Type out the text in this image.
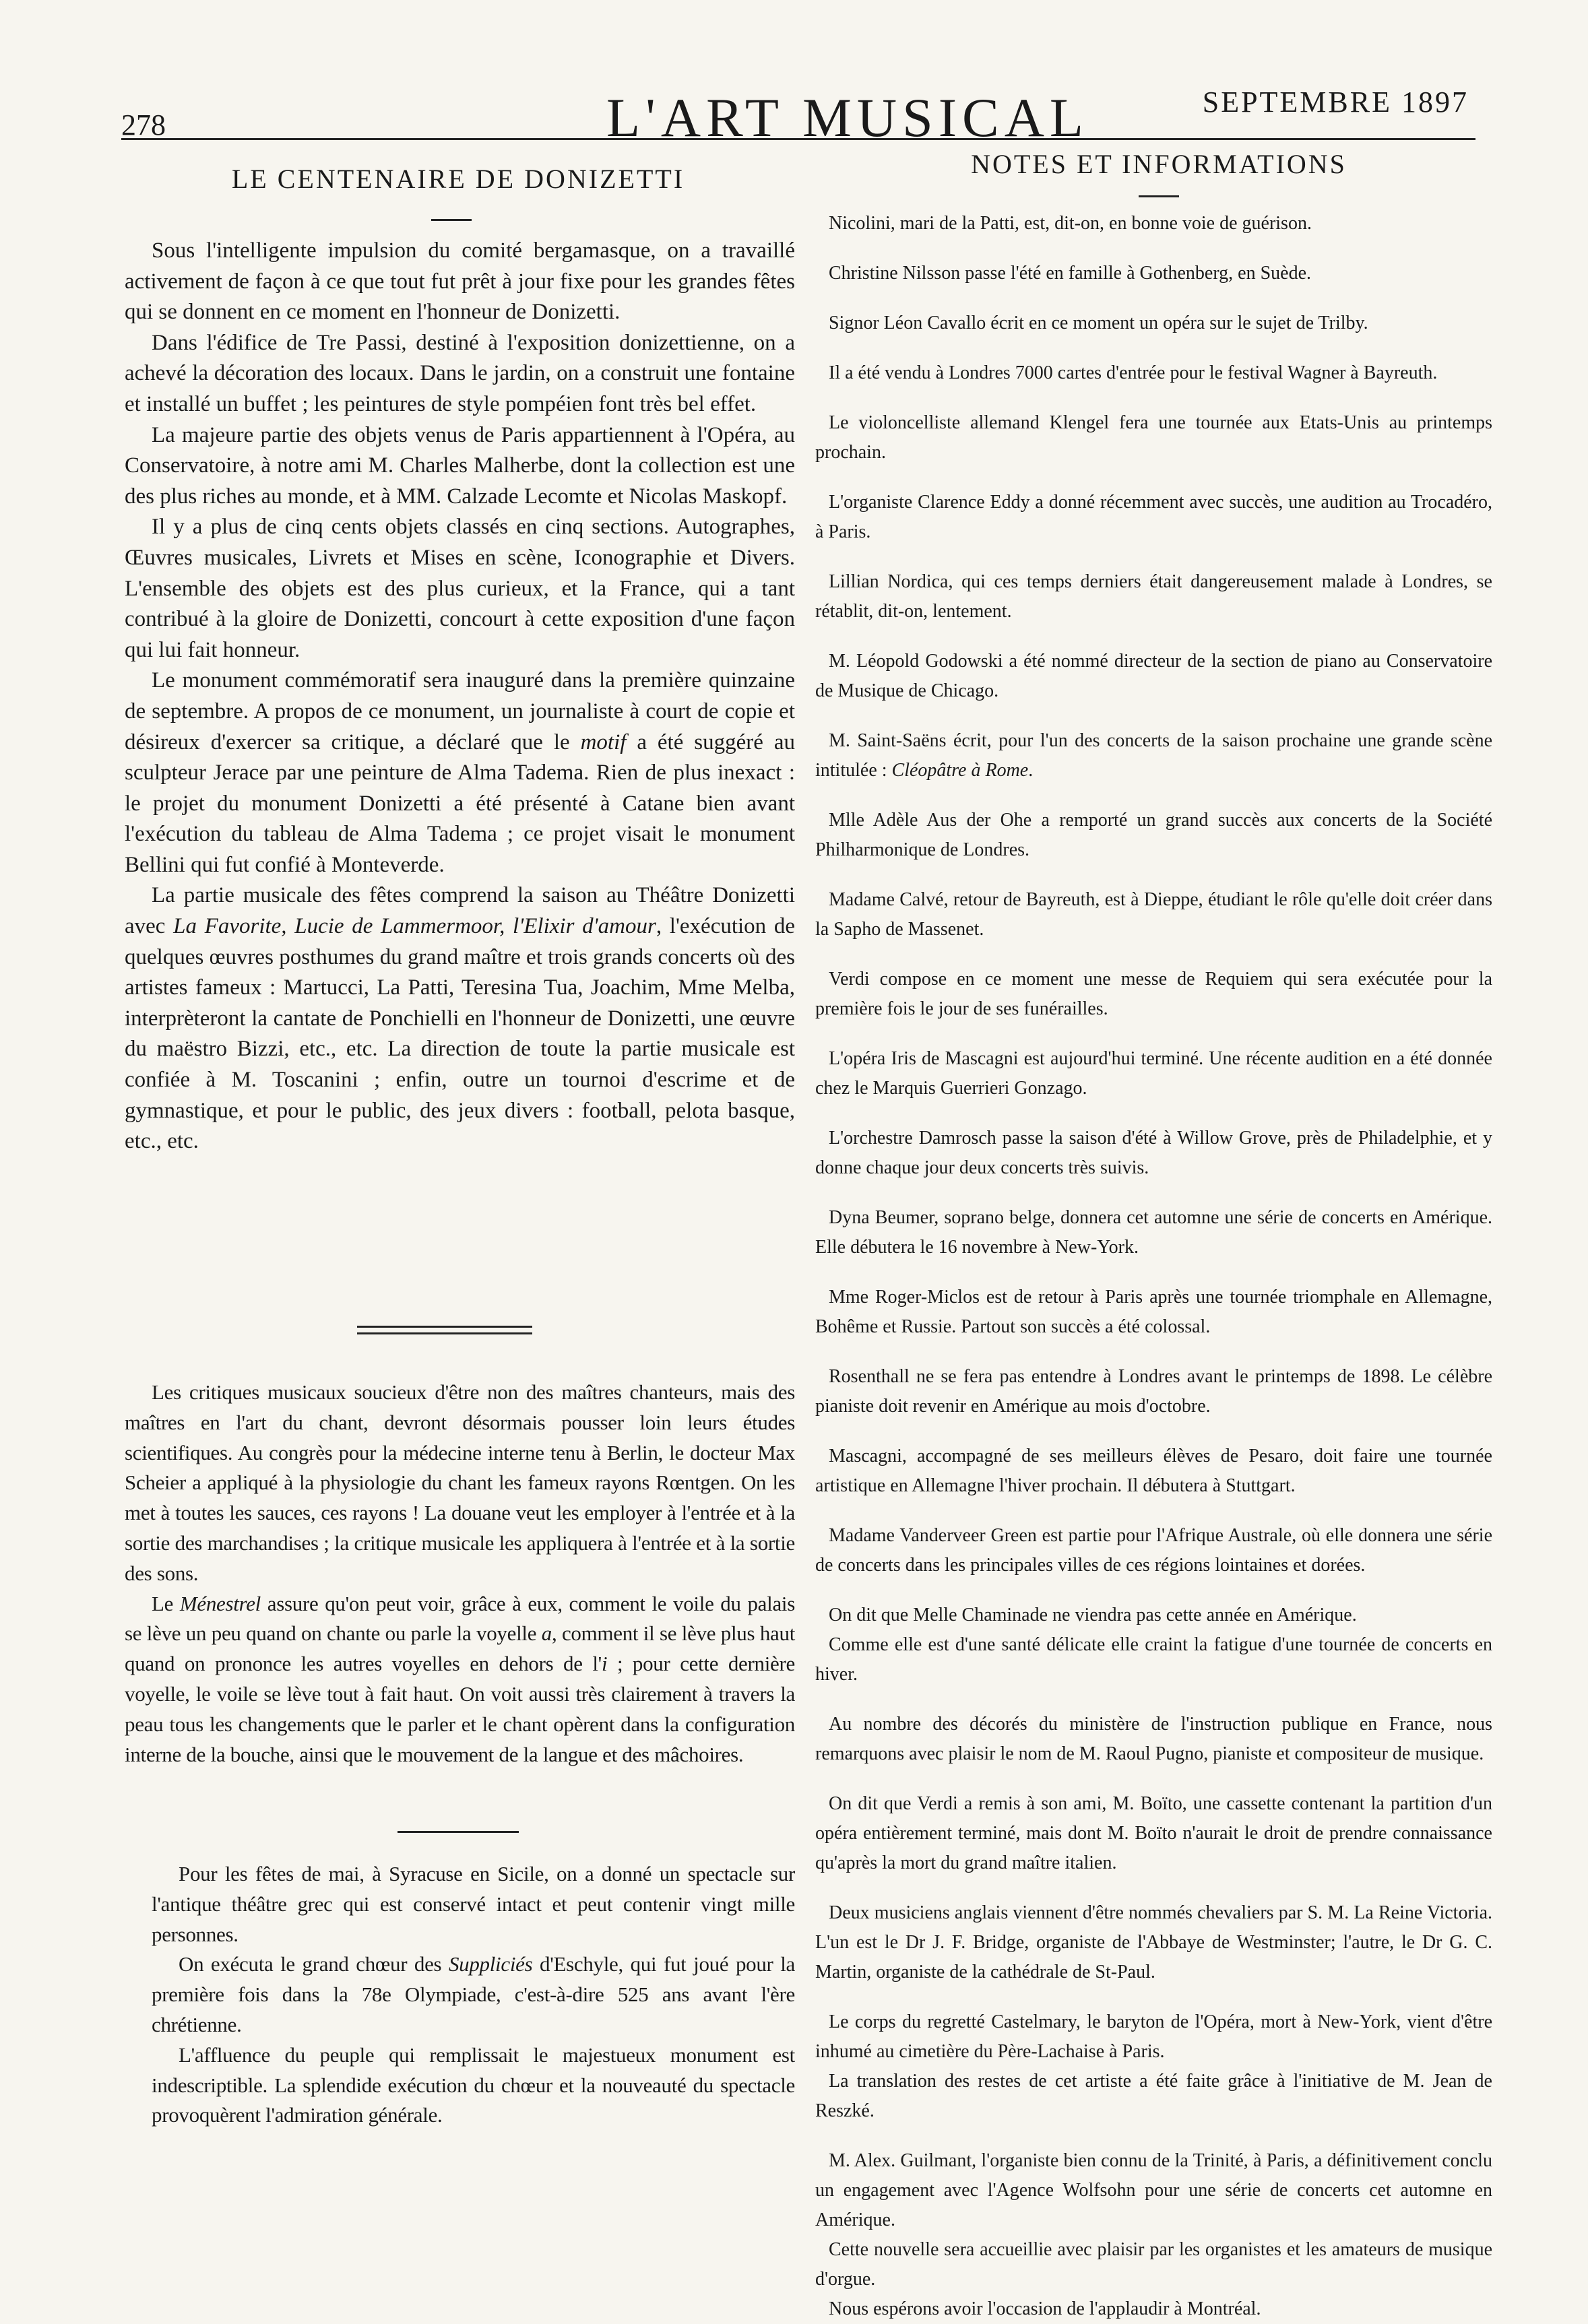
278	L'ART MUSICAL	SEPTEMBRE 1897
LE CENTENAIRE DE DONIZETTI

Sous l'intelligente impulsion du comité bergamasque, on a travaillé activement de façon à ce que tout fut prêt à jour fixe pour les grandes fêtes qui se donnent en ce moment en l'honneur de Donizetti.

Dans l'édifice de Tre Passi, destiné à l'exposition donizettienne, on a achevé la décoration des locaux. Dans le jardin, on a construit une fontaine et installé un buffet ; les peintures de style pompéien font très bel effet.

La majeure partie des objets venus de Paris appartiennent à l'Opéra, au Conservatoire, à notre ami M. Charles Malherbe, dont la collection est une des plus riches au monde, et à MM. Calzade Lecomte et Nicolas Maskopf.

Il y a plus de cinq cents objets classés en cinq sections. Autographes, Œuvres musicales, Livrets et Mises en scène, Iconographie et Divers. L'ensemble des objets est des plus curieux, et la France, qui a tant contribué à la gloire de Donizetti, concourt à cette exposition d'une façon qui lui fait honneur.

Le monument commémoratif sera inauguré dans la première quinzaine de septembre. A propos de ce monument, un journaliste à court de copie et désireux d'exercer sa critique, a déclaré que le motif a été suggéré au sculpteur Jerace par une peinture de Alma Tadema. Rien de plus inexact : le projet du monument Donizetti a été présenté à Catane bien avant l'exécution du tableau de Alma Tadema ; ce projet visait le monument Bellini qui fut confié à Monteverde.

La partie musicale des fêtes comprend la saison au Théâtre Donizetti avec La Favorite, Lucie de Lammermoor, l'Elixir d'amour, l'exécution de quelques œuvres posthumes du grand maître et trois grands concerts où des artistes fameux : Martucci, La Patti, Teresina Tua, Joachim, Mme Melba, interprèteront la cantate de Ponchielli en l'honneur de Donizetti, une œuvre du maëstro Bizzi, etc., etc. La direction de toute la partie musicale est confiée à M. Toscanini ; enfin, outre un tournoi d'escrime et de gymnastique, et pour le public, des jeux divers : football, pelota basque, etc., etc.

Les critiques musicaux soucieux d'être non des maîtres chanteurs, mais des maîtres en l'art du chant, devront désormais pousser loin leurs études scientifiques. Au congrès pour la médecine interne tenu à Berlin, le docteur Max Scheier a appliqué à la physiologie du chant les fameux rayons Rœntgen. On les met à toutes les sauces, ces rayons ! La douane veut les employer à l'entrée et à la sortie des marchandises ; la critique musicale les appliquera à l'entrée et à la sortie des sons.

Le Ménestrel assure qu'on peut voir, grâce à eux, comment le voile du palais se lève un peu quand on chante ou parle la voyelle a, comment il se lève plus haut quand on prononce les autres voyelles en dehors de l'i ; pour cette dernière voyelle, le voile se lève tout à fait haut. On voit aussi très clairement à travers la peau tous les changements que le parler et le chant opèrent dans la configuration interne de la bouche, ainsi que le mouvement de la langue et des mâchoires.

Pour les fêtes de mai, à Syracuse en Sicile, on a donné un spectacle sur l'antique théâtre grec qui est conservé intact et peut contenir vingt mille personnes.

On exécuta le grand chœur des Suppliciés d'Eschyle, qui fut joué pour la première fois dans la 78e Olympiade, c'est-à-dire 525 ans avant l'ère chrétienne.

L'affluence du peuple qui remplissait le majestueux monument est indescriptible. La splendide exécution du chœur et la nouveauté du spectacle provoquèrent l'admiration générale.

NOTES ET INFORMATIONS

Nicolini, mari de la Patti, est, dit-on, en bonne voie de guérison.

Christine Nilsson passe l'été en famille à Gothenberg, en Suède.

Signor Léon Cavallo écrit en ce moment un opéra sur le sujet de Trilby.

Il a été vendu à Londres 7000 cartes d'entrée pour le festival Wagner à Bayreuth.

Le violoncelliste allemand Klengel fera une tournée aux Etats-Unis au printemps prochain.

L'organiste Clarence Eddy a donné récemment avec succès, une audition au Trocadéro, à Paris.

Lillian Nordica, qui ces temps derniers était dangereusement malade à Londres, se rétablit, dit-on, lentement.

M. Léopold Godowski a été nommé directeur de la section de piano au Conservatoire de Musique de Chicago.

M. Saint-Saëns écrit, pour l'un des concerts de la saison prochaine une grande scène intitulée : Cléopâtre à Rome.

Mlle Adèle Aus der Ohe a remporté un grand succès aux concerts de la Société Philharmonique de Londres.

Madame Calvé, retour de Bayreuth, est à Dieppe, étudiant le rôle qu'elle doit créer dans la Sapho de Massenet.

Verdi compose en ce moment une messe de Requiem qui sera exécutée pour la première fois le jour de ses funérailles.

L'opéra Iris de Mascagni est aujourd'hui terminé. Une récente audition en a été donnée chez le Marquis Guerrieri Gonzago.

L'orchestre Damrosch passe la saison d'été à Willow Grove, près de Philadelphie, et y donne chaque jour deux concerts très suivis.

Dyna Beumer, soprano belge, donnera cet automne une série de concerts en Amérique. Elle débutera le 16 novembre à New-York.

Mme Roger-Miclos est de retour à Paris après une tournée triomphale en Allemagne, Bohême et Russie. Partout son succès a été colossal.

Rosenthall ne se fera pas entendre à Londres avant le printemps de 1898. Le célèbre pianiste doit revenir en Amérique au mois d'octobre.

Mascagni, accompagné de ses meilleurs élèves de Pesaro, doit faire une tournée artistique en Allemagne l'hiver prochain. Il débutera à Stuttgart.

Madame Vanderveer Green est partie pour l'Afrique Australe, où elle donnera une série de concerts dans les principales villes de ces régions lointaines et dorées.

On dit que Melle Chaminade ne viendra pas cette année en Amérique.

Comme elle est d'une santé délicate elle craint la fatigue d'une tournée de concerts en hiver.

Au nombre des décorés du ministère de l'instruction publique en France, nous remarquons avec plaisir le nom de M. Raoul Pugno, pianiste et compositeur de musique.

On dit que Verdi a remis à son ami, M. Boïto, une cassette contenant la partition d'un opéra entièrement terminé, mais dont M. Boïto n'aurait le droit de prendre connaissance qu'après la mort du grand maître italien.

Deux musiciens anglais viennent d'être nommés chevaliers par S. M. La Reine Victoria. L'un est le Dr J. F. Bridge, organiste de l'Abbaye de Westminster; l'autre, le Dr G. C. Martin, organiste de la cathédrale de St-Paul.

Le corps du regretté Castelmary, le baryton de l'Opéra, mort à New-York, vient d'être inhumé au cimetière du Père-Lachaise à Paris.

La translation des restes de cet artiste a été faite grâce à l'initiative de M. Jean de Reszké.

M. Alex. Guilmant, l'organiste bien connu de la Trinité, à Paris, a définitivement conclu un engagement avec l'Agence Wolfsohn pour une série de concerts cet automne en Amérique.

Cette nouvelle sera accueillie avec plaisir par les organistes et les amateurs de musique d'orgue.

Nous espérons avoir l'occasion de l'applaudir à Montréal.
